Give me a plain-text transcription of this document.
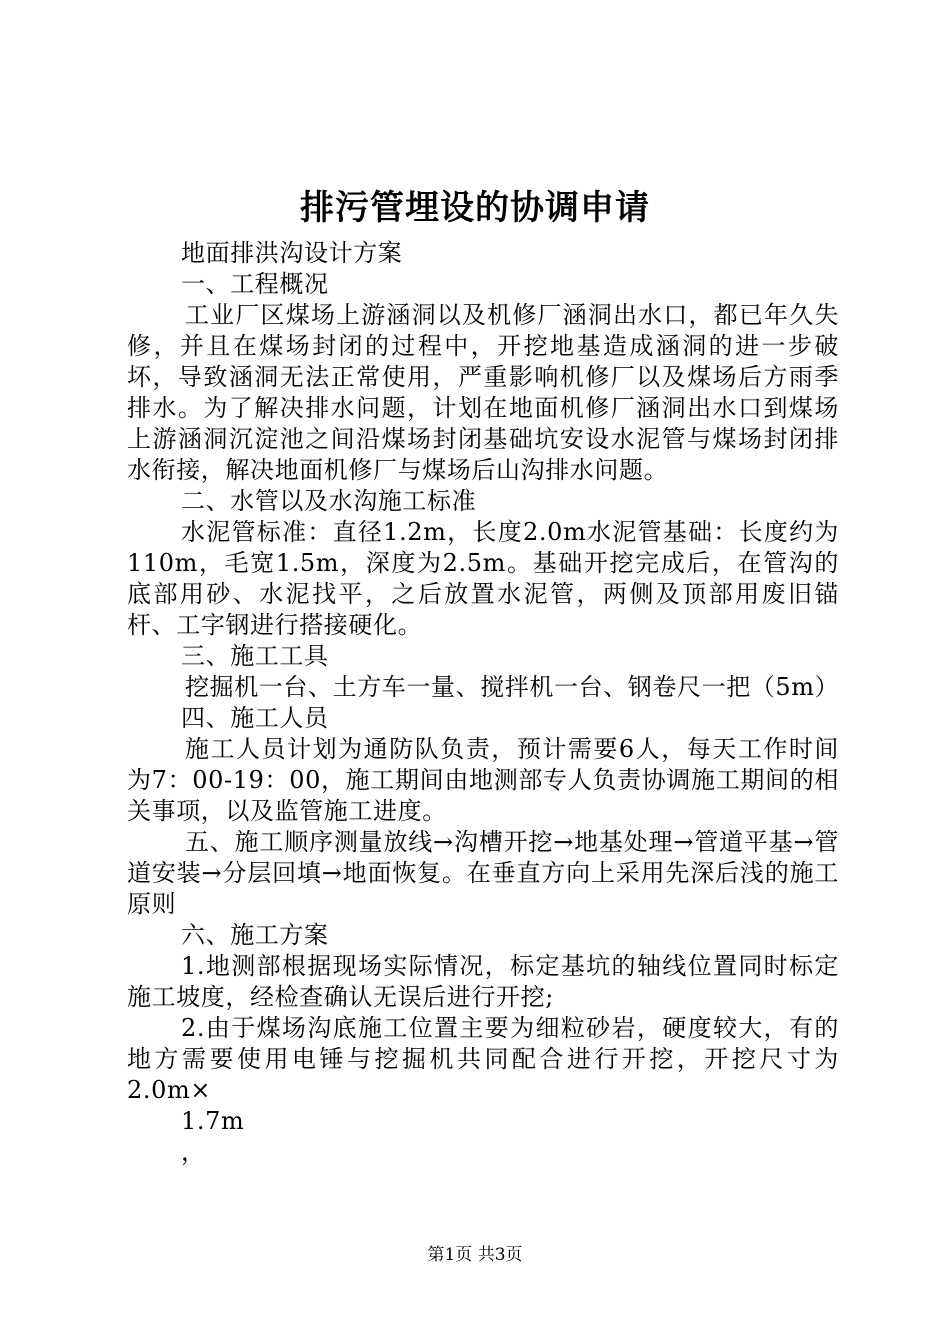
排污管埋设的协调申请

地面排洪沟设计方案

一、工程概况

工业厂区煤场上游涵洞以及机修厂涵洞出水口，都已年久失修，并且在煤场封闭的过程中，开挖地基造成涵洞的进一步破坏，导致涵洞无法正常使用，严重影响机修厂以及煤场后方雨季排水。为了解决排水问题，计划在地面机修厂涵洞出水口到煤场上游涵洞沉淀池之间沿煤场封闭基础坑安设水泥管与煤场封闭排水衔接，解决地面机修厂与煤场后山沟排水问题。

二、水管以及水沟施工标准

水泥管标准：直径1.2m，长度2.0m水泥管基础：长度约为110m，毛宽1.5m，深度为2.5m。基础开挖完成后，在管沟的底部用砂、水泥找平，之后放置水泥管，两侧及顶部用废旧锚杆、工字钢进行搭接硬化。

三、施工工具

挖掘机一台、土方车一量、搅拌机一台、钢卷尺一把（5m）

四、施工人员

施工人员计划为通防队负责，预计需要6人，每天工作时间为7：00-19：00，施工期间由地测部专人负责协调施工期间的相关事项，以及监管施工进度。

五、施工顺序测量放线→沟槽开挖→地基处理→管道平基→管道安装→分层回填→地面恢复。在垂直方向上采用先深后浅的施工原则

六、施工方案

1.地测部根据现场实际情况，标定基坑的轴线位置同时标定施工坡度，经检查确认无误后进行开挖;

2.由于煤场沟底施工位置主要为细粒砂岩，硬度较大，有的地方需要使用电锤与挖掘机共同配合进行开挖，开挖尺寸为2.0m×

1.7m

，

第1页 共3页
